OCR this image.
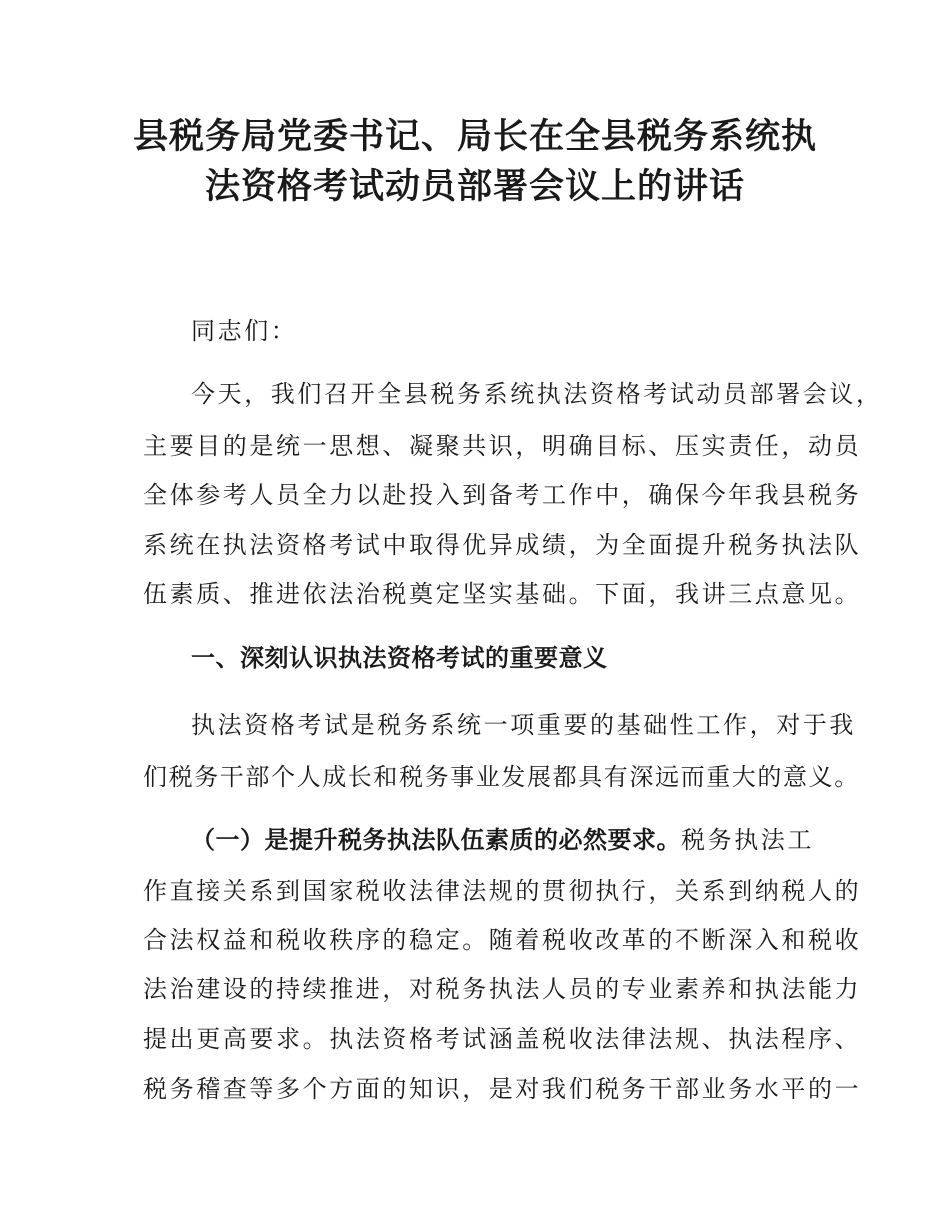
县税务局党委书记、局长在全县税务系统执
法资格考试动员部署会议上的讲话
同志们：
今天，我们召开全县税务系统执法资格考试动员部署会议，
主要目的是统一思想、凝聚共识，明确目标、压实责任，动员
全体参考人员全力以赴投入到备考工作中，确保今年我县税务
系统在执法资格考试中取得优异成绩，为全面提升税务执法队
伍素质、推进依法治税奠定坚实基础。下面，我讲三点意见。
一、深刻认识执法资格考试的重要意义
执法资格考试是税务系统一项重要的基础性工作，对于我
们税务干部个人成长和税务事业发展都具有深远而重大的意义。
（一）是提升税务执法队伍素质的必然要求。税务执法工
作直接关系到国家税收法律法规的贯彻执行，关系到纳税人的
合法权益和税收秩序的稳定。随着税收改革的不断深入和税收
法治建设的持续推进，对税务执法人员的专业素养和执法能力
提出更高要求。执法资格考试涵盖税收法律法规、执法程序、
税务稽查等多个方面的知识，是对我们税务干部业务水平的一
